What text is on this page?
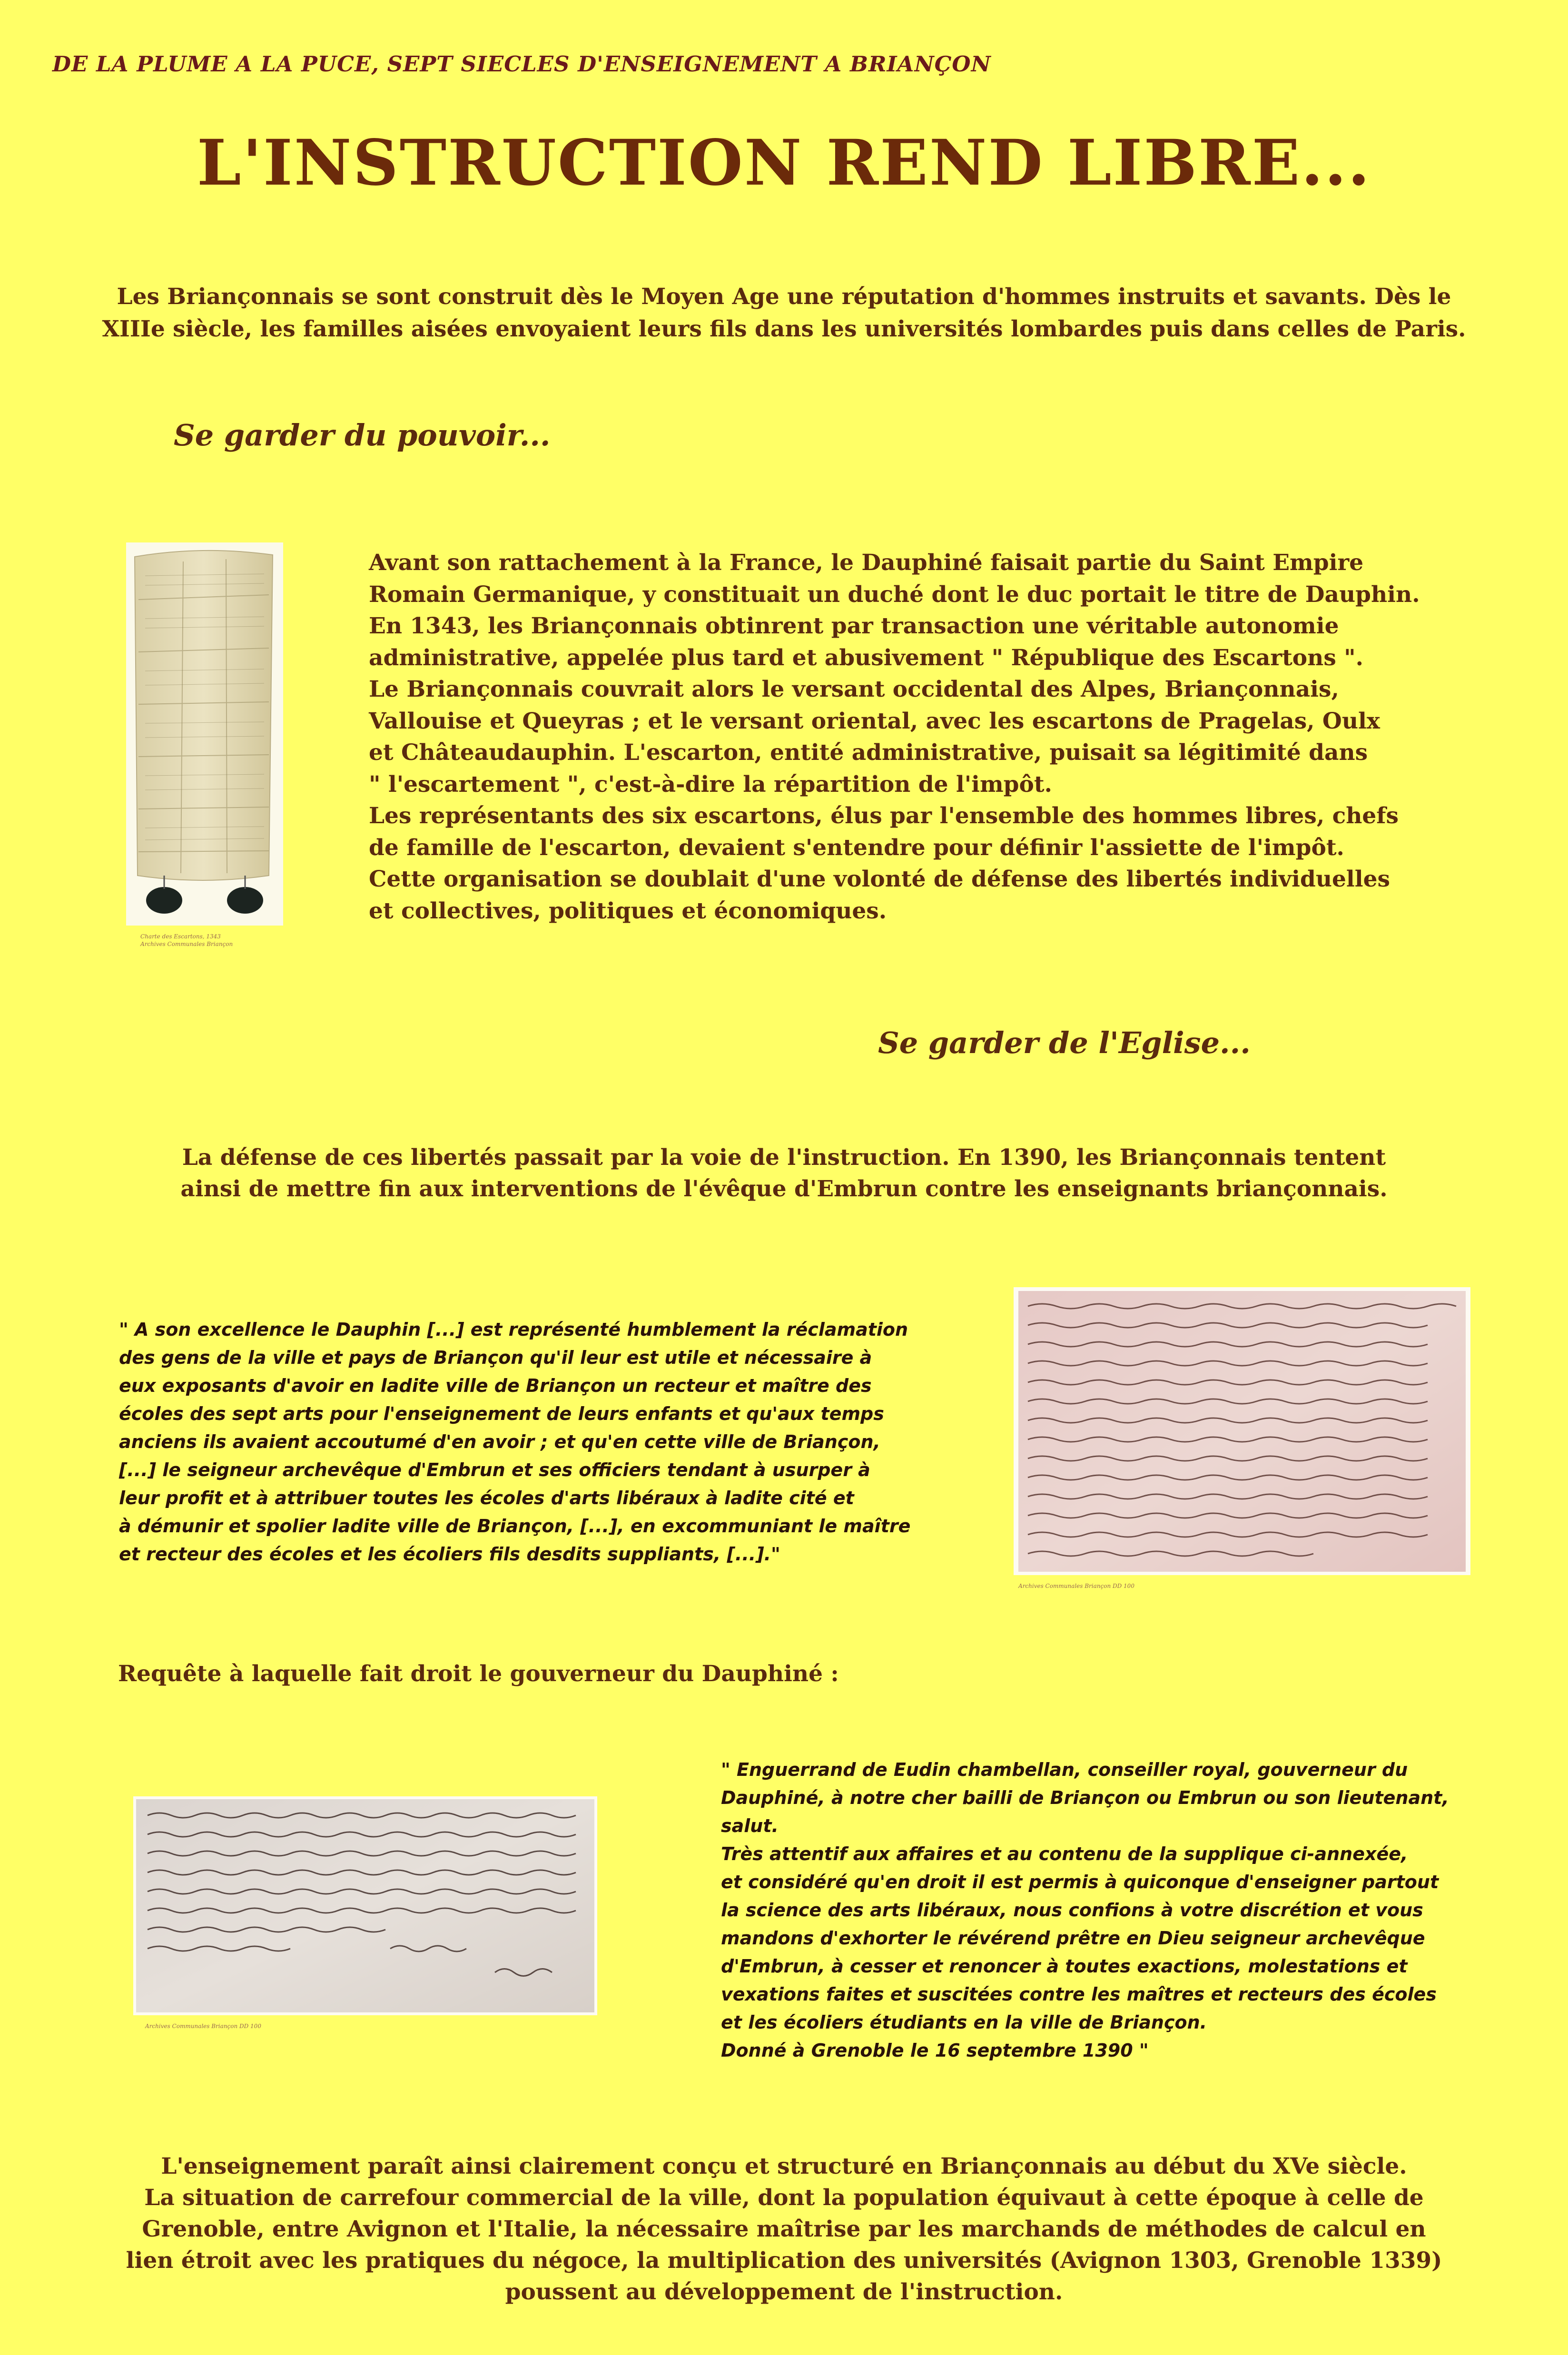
DE LA PLUME A LA PUCE, SEPT SIECLES D'ENSEIGNEMENT A BRIANÇON
L'INSTRUCTION REND LIBRE...
Les Briançonnais se sont construit dès le Moyen Age une réputation d'hommes instruits et savants. Dès le
XIIIe siècle, les familles aisées envoyaient leurs fils dans les universités lombardes puis dans celles de Paris.
Se garder du pouvoir...
Charte des Escartons, 1343
Archives Communales Briançon
Avant son rattachement à la France, le Dauphiné faisait partie du Saint Empire
Romain Germanique, y constituait un duché dont le duc portait le titre de Dauphin.
En 1343, les Briançonnais obtinrent par transaction une véritable autonomie
administrative, appelée plus tard et abusivement " République des Escartons ".
Le Briançonnais couvrait alors le versant occidental des Alpes, Briançonnais,
Vallouise et Queyras ; et le versant oriental, avec les escartons de Pragelas, Oulx
et Châteaudauphin. L'escarton, entité administrative, puisait sa légitimité dans
" l'escartement ", c'est-à-dire la répartition de l'impôt.
Les représentants des six escartons, élus par l'ensemble des hommes libres, chefs
de famille de l'escarton, devaient s'entendre pour définir l'assiette de l'impôt.
Cette organisation se doublait d'une volonté de défense des libertés individuelles
et collectives, politiques et économiques.
Se garder de l'Eglise...
La défense de ces libertés passait par la voie de l'instruction. En 1390, les Briançonnais tentent
ainsi de mettre fin aux interventions de l'évêque d'Embrun contre les enseignants briançonnais.
" A son excellence le Dauphin [...] est représenté humblement la réclamation
des gens de la ville et pays de Briançon qu'il leur est utile et nécessaire à
eux exposants d'avoir en ladite ville de Briançon un recteur et maître des
écoles des sept arts pour l'enseignement de leurs enfants et qu'aux temps
anciens ils avaient accoutumé d'en avoir ; et qu'en cette ville de Briançon,
[...] le seigneur archevêque d'Embrun et ses officiers tendant à usurper à
leur profit et à attribuer toutes les écoles d'arts libéraux à ladite cité et
à démunir et spolier ladite ville de Briançon, [...], en excommuniant le maître
et recteur des écoles et les écoliers fils desdits suppliants, [...]."
Archives Communales Briançon DD 100
Requête à laquelle fait droit le gouverneur du Dauphiné :
Archives Communales Briançon DD 100
" Enguerrand de Eudin chambellan, conseiller royal, gouverneur du
Dauphiné, à notre cher bailli de Briançon ou Embrun ou son lieutenant,
salut.
Très attentif aux affaires et au contenu de la supplique ci-annexée,
et considéré qu'en droit il est permis à quiconque d'enseigner partout
la science des arts libéraux, nous confions à votre discrétion et vous
mandons d'exhorter le révérend prêtre en Dieu seigneur archevêque
d'Embrun, à cesser et renoncer à toutes exactions, molestations et
vexations faites et suscitées contre les maîtres et recteurs des écoles
et les écoliers étudiants en la ville de Briançon.
Donné à Grenoble le 16 septembre 1390 "
L'enseignement paraît ainsi clairement conçu et structuré en Briançonnais au début du XVe siècle.
La situation de carrefour commercial de la ville, dont la population équivaut à cette époque à celle de
Grenoble, entre Avignon et l'Italie, la nécessaire maîtrise par les marchands de méthodes de calcul en
lien étroit avec les pratiques du négoce, la multiplication des universités (Avignon 1303, Grenoble 1339)
poussent au développement de l'instruction.
